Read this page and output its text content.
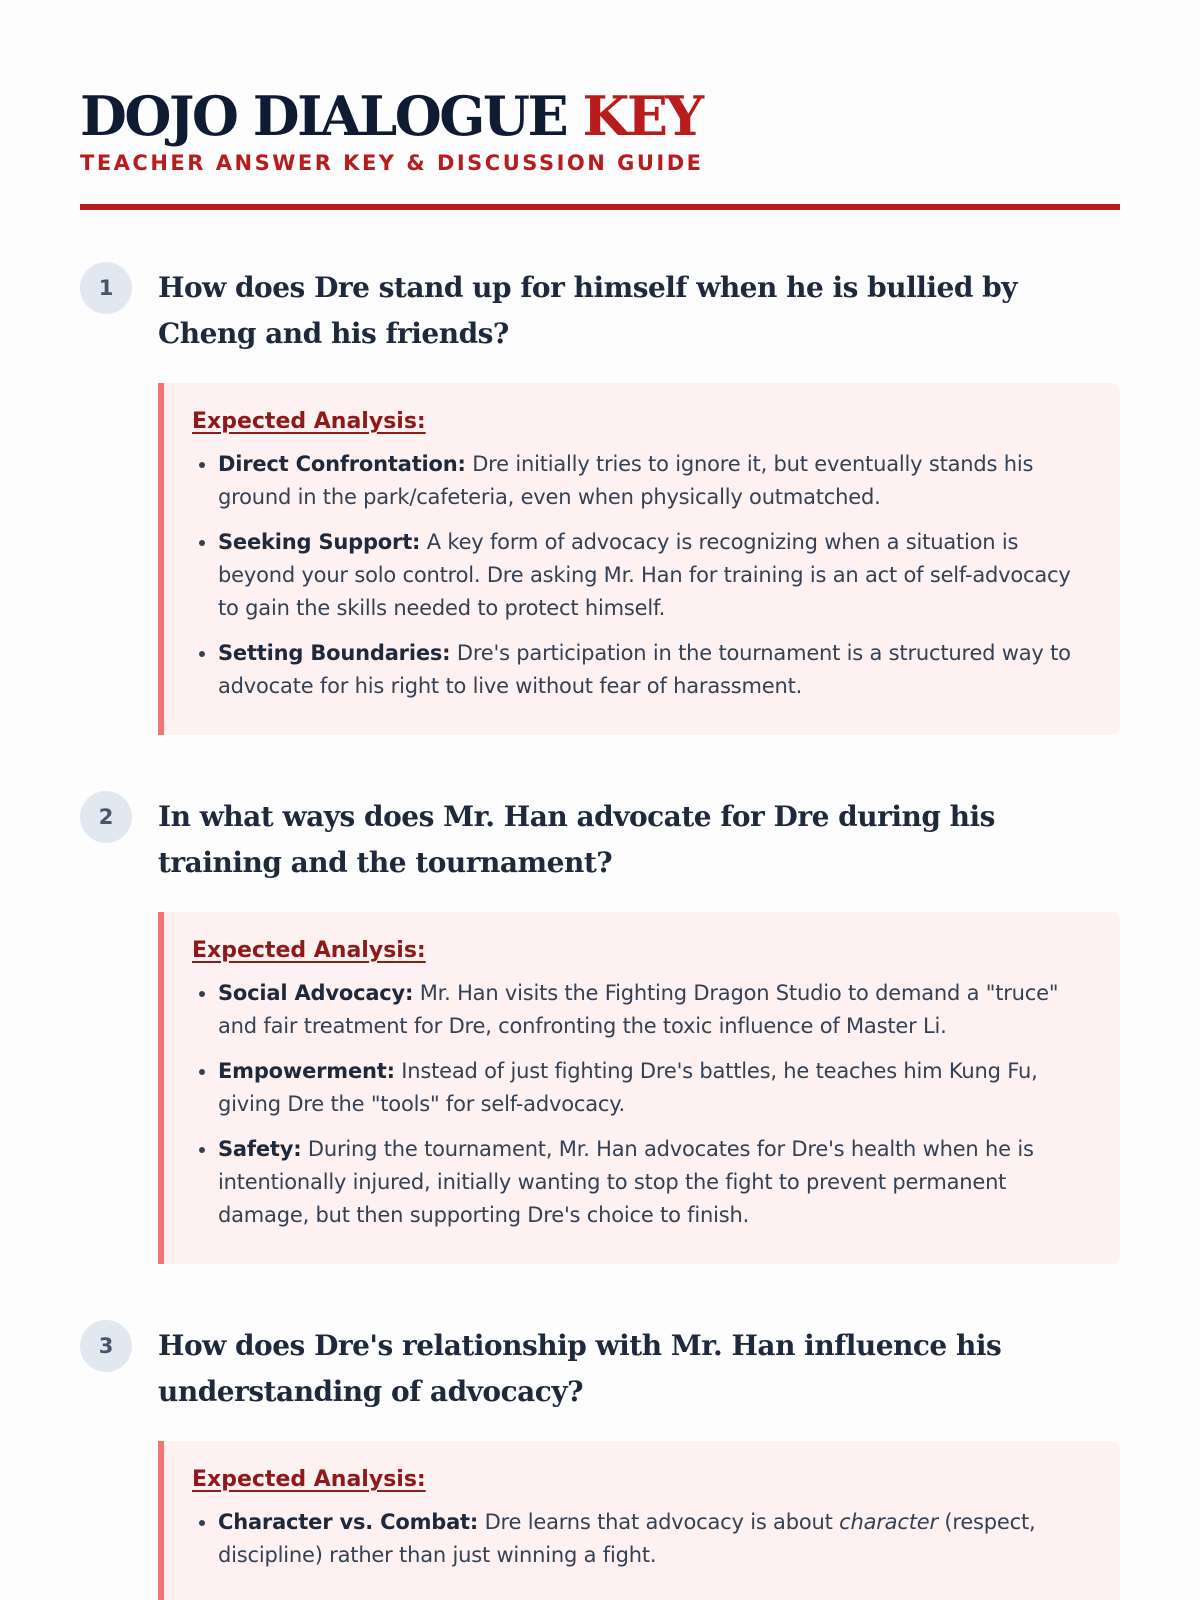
DOJO DIALOGUE KEY
TEACHER ANSWER KEY & DISCUSSION GUIDE
1	How does Dre stand up for himself when he is bullied by Cheng and his friends?
Expected Analysis:
• Direct Confrontation: Dre initially tries to ignore it, but eventually stands his ground in the park/cafeteria, even when physically outmatched.
• Seeking Support: A key form of advocacy is recognizing when a situation is beyond your solo control. Dre asking Mr. Han for training is an act of self-advocacy to gain the skills needed to protect himself.
• Setting Boundaries: Dre's participation in the tournament is a structured way to advocate for his right to live without fear of harassment.
2	In what ways does Mr. Han advocate for Dre during his training and the tournament?
Expected Analysis:
• Social Advocacy: Mr. Han visits the Fighting Dragon Studio to demand a "truce" and fair treatment for Dre, confronting the toxic influence of Master Li.
• Empowerment: Instead of just fighting Dre's battles, he teaches him Kung Fu, giving Dre the "tools" for self-advocacy.
• Safety: During the tournament, Mr. Han advocates for Dre's health when he is intentionally injured, initially wanting to stop the fight to prevent permanent damage, but then supporting Dre's choice to finish.
3	How does Dre's relationship with Mr. Han influence his understanding of advocacy?
Expected Analysis:
• Character vs. Combat: Dre learns that advocacy is about character (respect, discipline) rather than just winning a fight.
